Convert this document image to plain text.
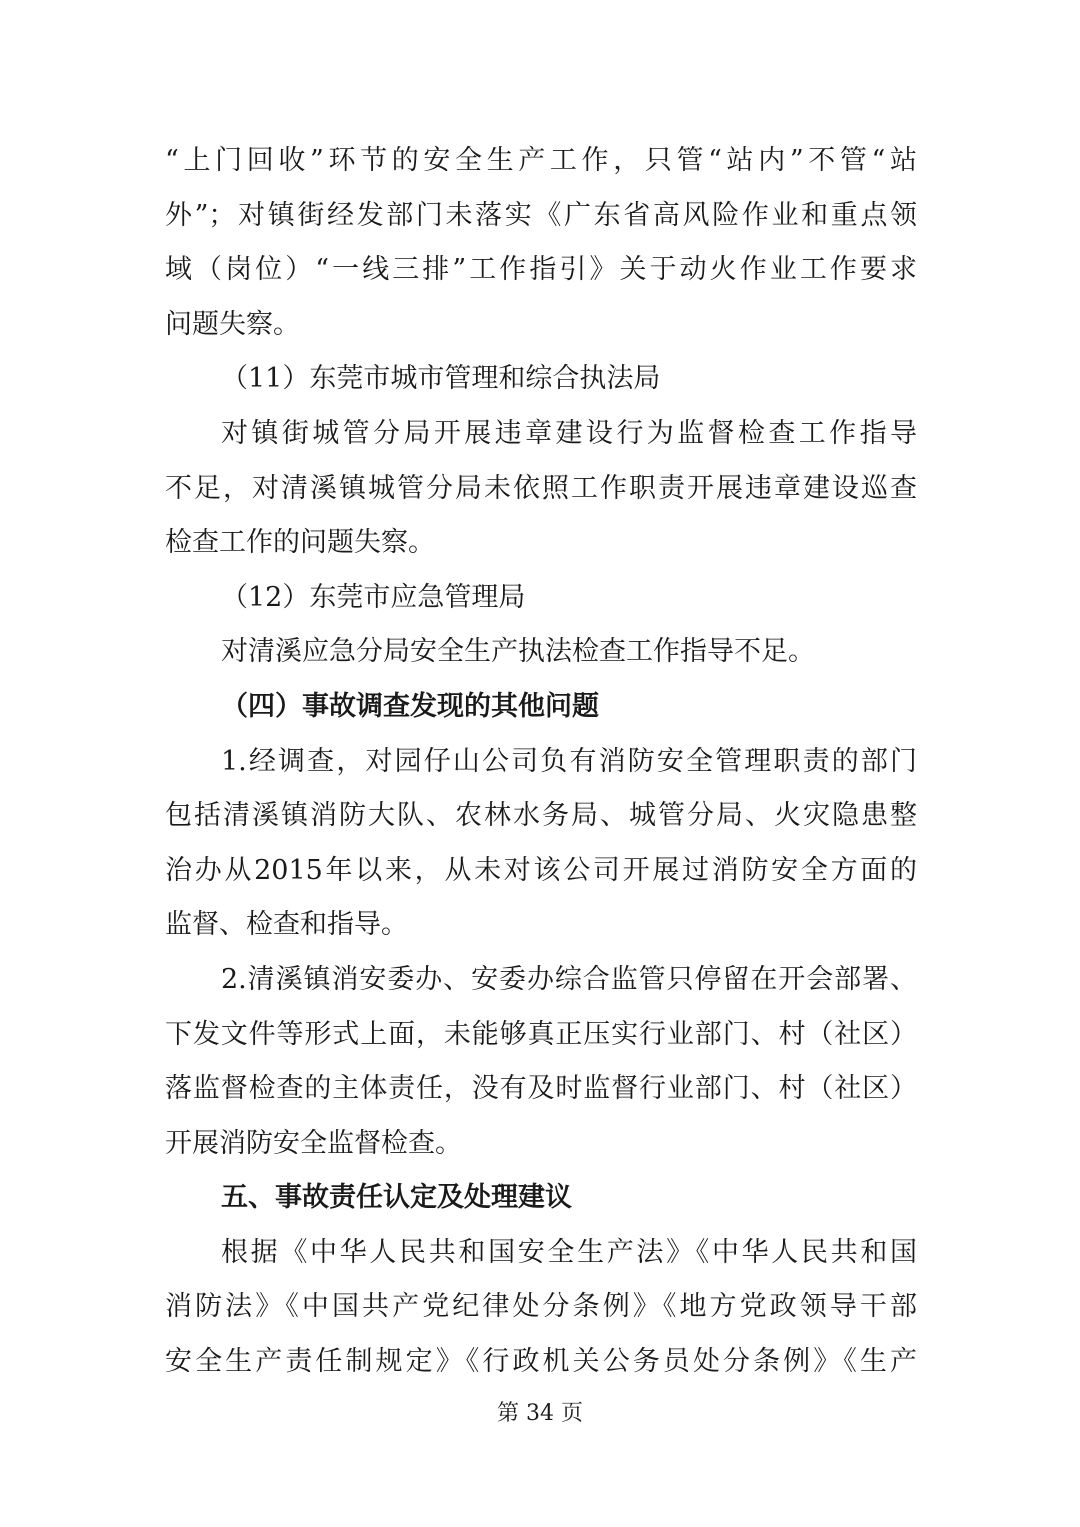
“上门回收”环节的安全生产工作，只管“站内”不管“站
外”；对镇街经发部门未落实《广东省高风险作业和重点领
域（岗位）“一线三排”工作指引》关于动火作业工作要求
问题失察。
（11）东莞市城市管理和综合执法局
对镇街城管分局开展违章建设行为监督检查工作指导
不足，对清溪镇城管分局未依照工作职责开展违章建设巡查
检查工作的问题失察。
（12）东莞市应急管理局
对清溪应急分局安全生产执法检查工作指导不足。
（四）事故调查发现的其他问题
1.经调查，对园仔山公司负有消防安全管理职责的部门
包括清溪镇消防大队、农林水务局、城管分局、火灾隐患整
治办从2015年以来，从未对该公司开展过消防安全方面的
监督、检查和指导。
2.清溪镇消安委办、安委办综合监管只停留在开会部署、
下发文件等形式上面，未能够真正压实行业部门、村（社区）
落监督检查的主体责任，没有及时监督行业部门、村（社区）
开展消防安全监督检查。
五、事故责任认定及处理建议
根据《中华人民共和国安全生产法》《中华人民共和国
消防法》《中国共产党纪律处分条例》《地方党政领导干部
安全生产责任制规定》《行政机关公务员处分条例》《生产
第 34 页
